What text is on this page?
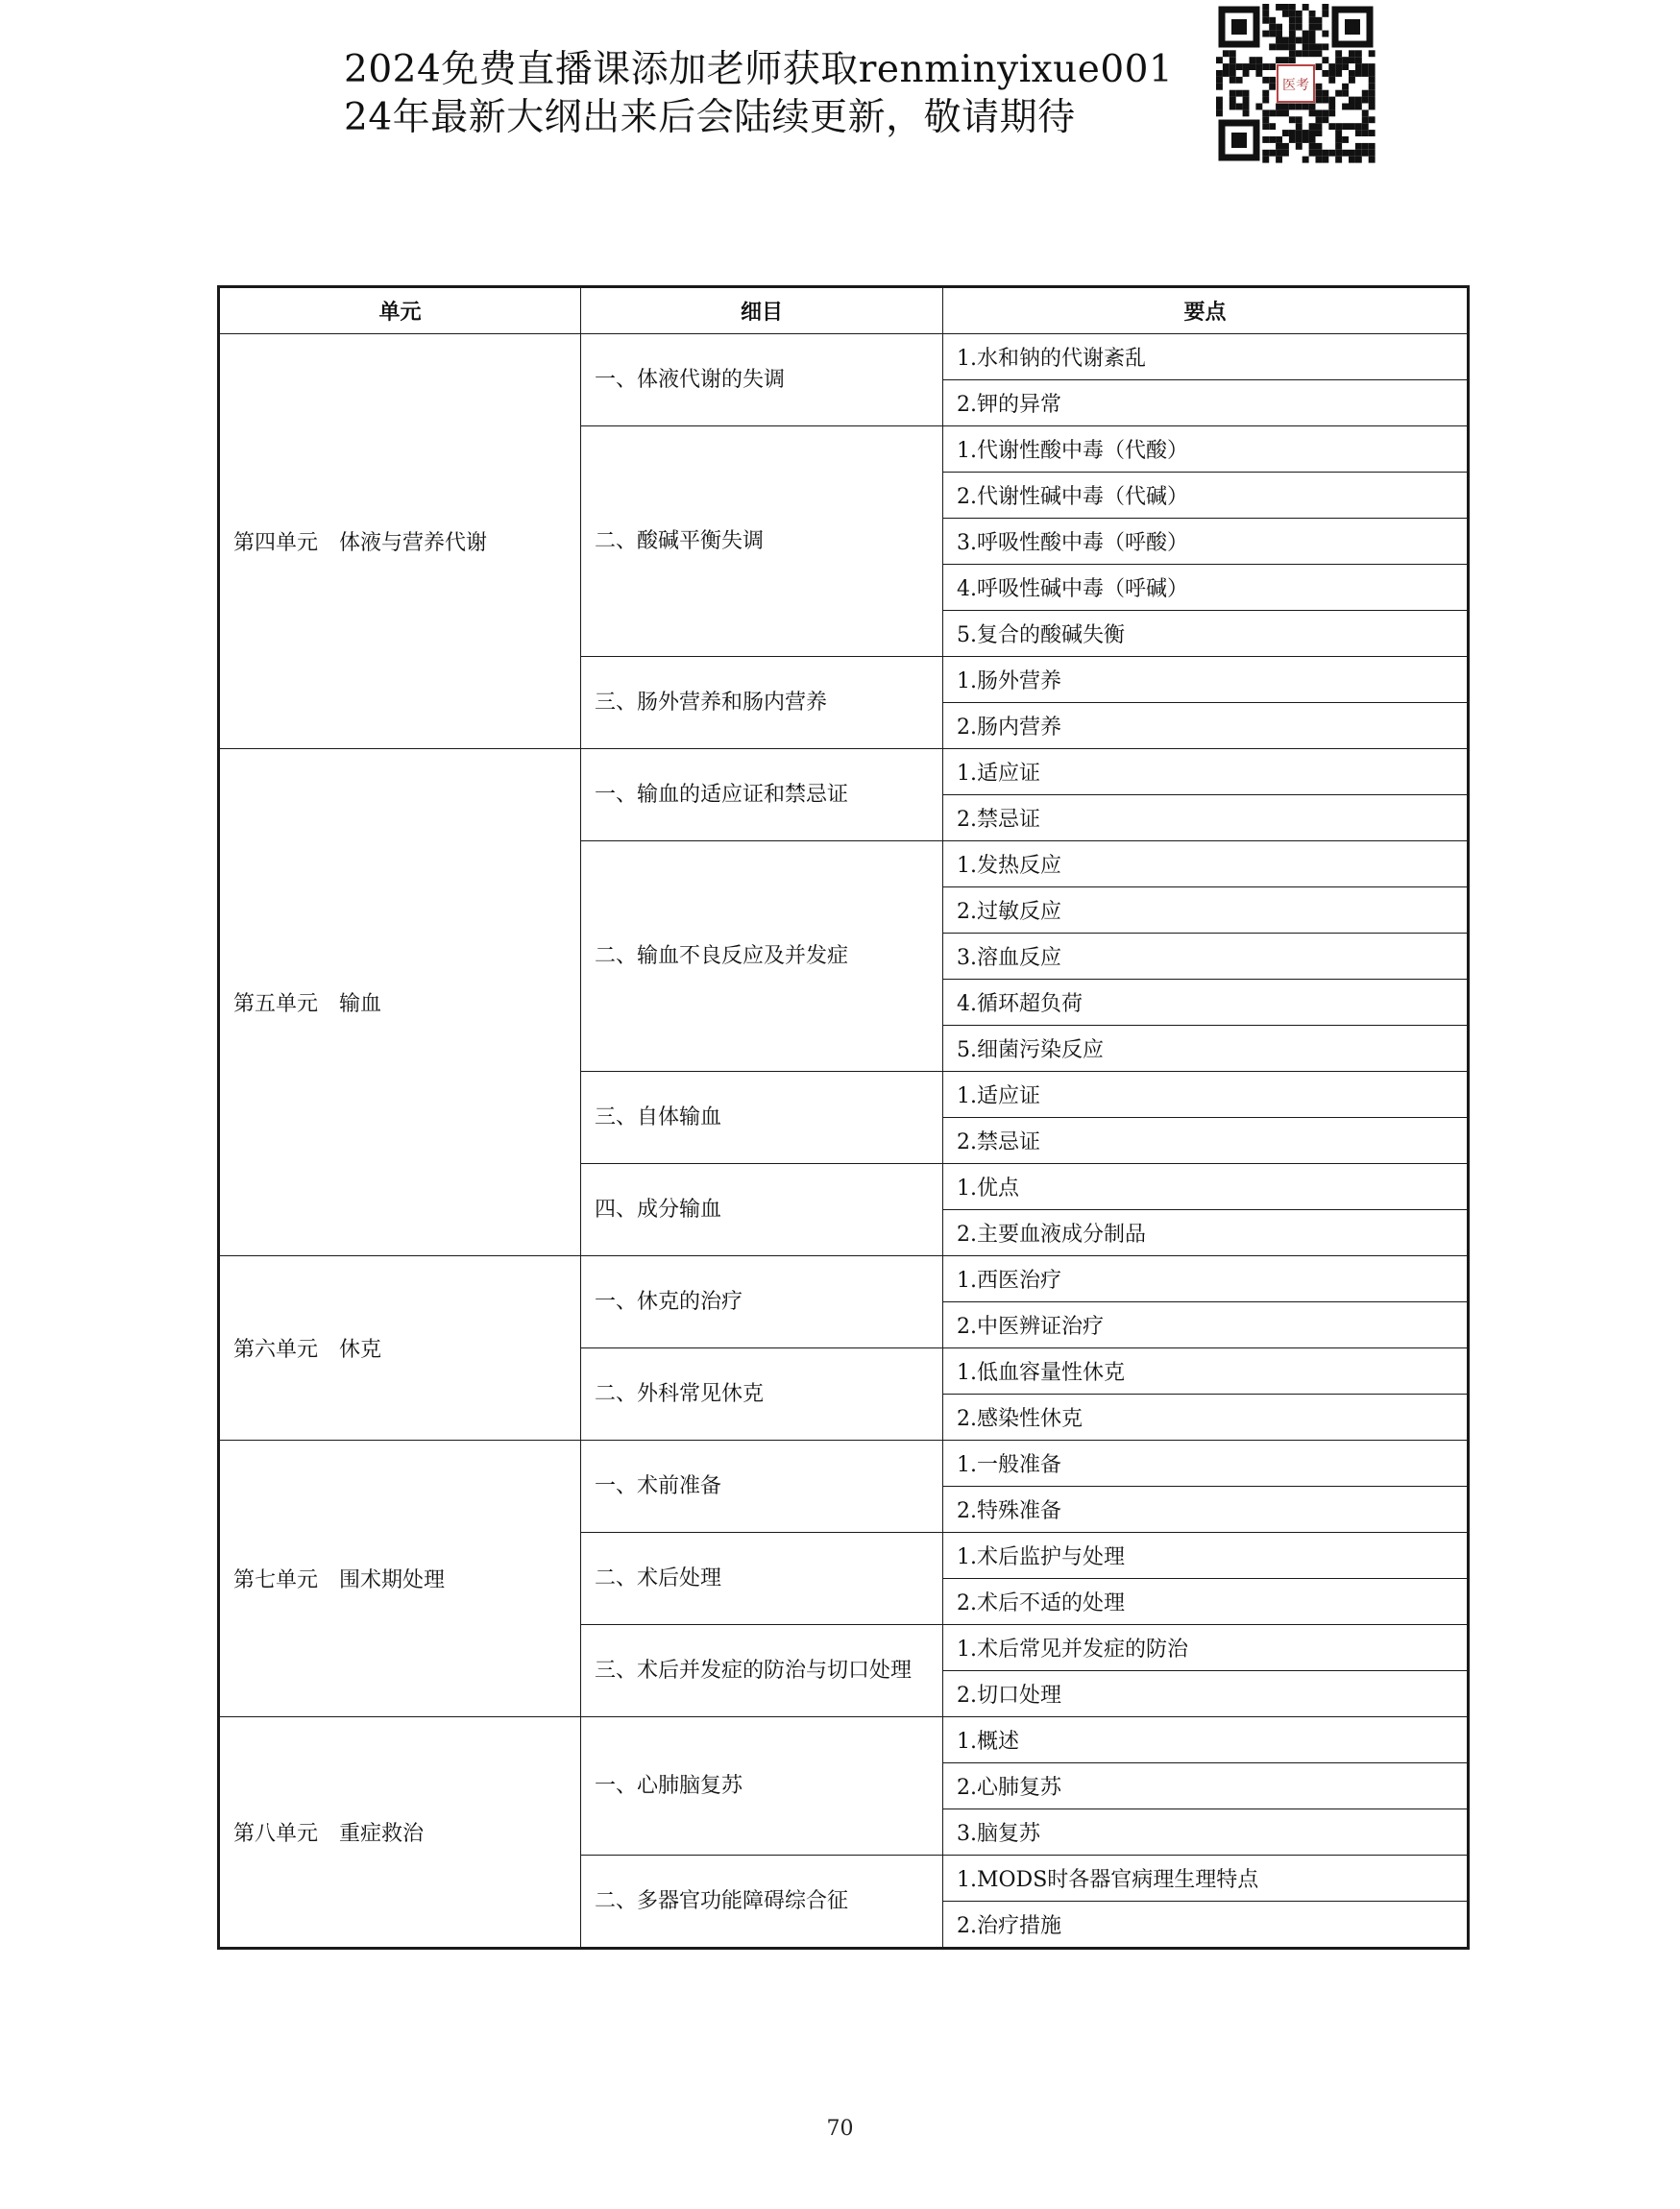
2024免费直播课添加老师获取renminyixue001
24年最新大纲出来后会陆续更新，敬请期待
医考
单元	细目	要点
第四单元　体液与营养代谢	一、体液代谢的失调	1.水和钠的代谢紊乱
		2.钾的异常
	二、酸碱平衡失调	1.代谢性酸中毒（代酸）
		2.代谢性碱中毒（代碱）
		3.呼吸性酸中毒（呼酸）
		4.呼吸性碱中毒（呼碱）
		5.复合的酸碱失衡
	三、肠外营养和肠内营养	1.肠外营养
		2.肠内营养
第五单元　输血	一、输血的适应证和禁忌证	1.适应证
		2.禁忌证
	二、输血不良反应及并发症	1.发热反应
		2.过敏反应
		3.溶血反应
		4.循环超负荷
		5.细菌污染反应
	三、自体输血	1.适应证
		2.禁忌证
	四、成分输血	1.优点
		2.主要血液成分制品
第六单元　休克	一、休克的治疗	1.西医治疗
		2.中医辨证治疗
	二、外科常见休克	1.低血容量性休克
		2.感染性休克
第七单元　围术期处理	一、术前准备	1.一般准备
		2.特殊准备
	二、术后处理	1.术后监护与处理
		2.术后不适的处理
	三、术后并发症的防治与切口处理	1.术后常见并发症的防治
		2.切口处理
第八单元　重症救治	一、心肺脑复苏	1.概述
		2.心肺复苏
		3.脑复苏
	二、多器官功能障碍综合征	1.MODS时各器官病理生理特点
		2.治疗措施
70
